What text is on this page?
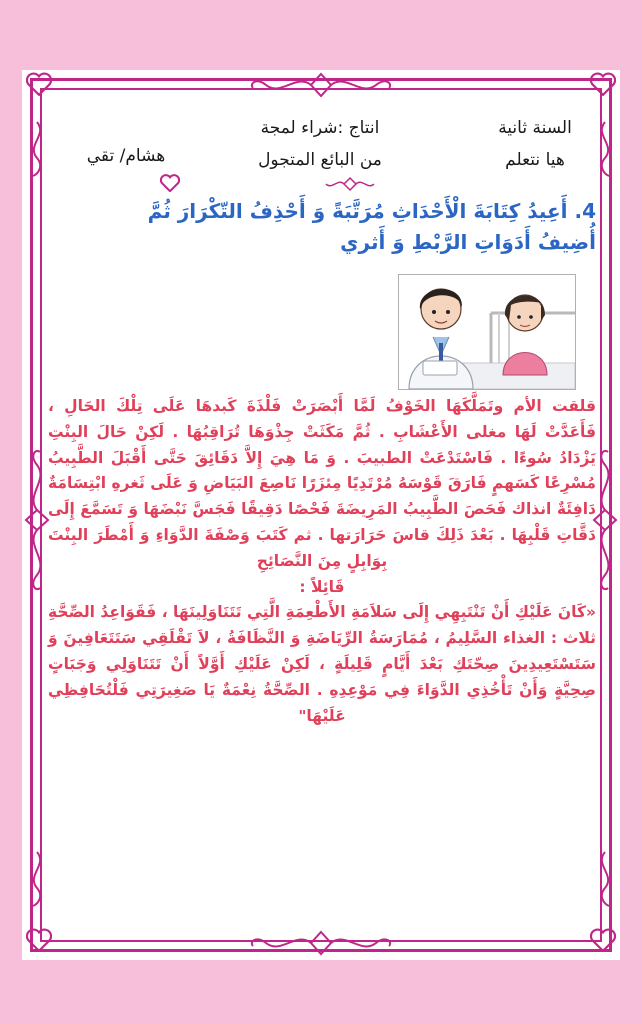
السنة ثانية
هيا نتعلم
انتاج :شراء لمجة
من البائع المتجول
هشام/ تقي
4. أَعِيدُ كِتَابَةَ الْأَحْدَاثِ مُرَتَّبَةً وَ أَحْذِفُ التّكْرَارَ ثُمَّ
أُضِيفُ أَدَوَاتِ الرَّبْطِ وَ أَثري

قلقت الأم وتَمَلَّكَهَا الخَوْفُ لَمَّا أَبْصَرَتْ فَلْذَةَ كَبدهَا عَلَى تِلْكَ الحَالِ ، فَأَعَدَّتْ لَهَا مغلى الأَعْشَابِ . ثُمَّ مَكَثَتْ جِذْوَهَا تُرَاقِبُهَا . لَكِنْ حَالَ البِنْتِ يَزْدَادُ سُوءًا . فَاسْتَدْعَتْ الطبيبَ . وَ مَا هِيَ إِلاَّ دَقَائِقَ حَتَّى أَقْبَلَ الطَّبِيبُ مُسْرِعًا كَسَهمٍ فَارَقَ قَوْسَهُ مُرْتَدِيًا مِئزَرًا نَاصِعَ البَيَاضِ وَ عَلَى ثَغرهِ ابْتِسَامَةٌ دَافِئَةٌ انذاك فَحَصَ الطَّبِيبُ المَرِيضَةَ فَحْصًا دَقِيقًا فَجَسَّ نَبْضَهَا وَ تَسَمَّعَ إِلَى دَقَّاتِ قَلْبِهَا . بَعْدَ ذَلِكَ قاسَ حَرَارَتها . ثم كَتَبَ وَصْفَةَ الدَّوَاءِ وَ أَمْطَرَ البِنْتَ بِوَابِلٍ مِنَ النَّصَائِحِ

قَائِلاً :

«كَانَ عَلَيْكِ أَنْ تَنْتَبِهِي إِلَى سَلاَمَةِ الأَطْعِمَةِ الَّتِي تَتَنَاوَلِينَهَا ، فَقَوَاعِدُ الصِّحَّةِ ثلاث : الغذاء السَّلِيمُ ، مُمَارَسَةُ الرِّيَاضَةِ وَ النَّظَافَةُ ، لاَ تَقْلَقِي سَتَتَعَافِينَ وَ سَتَسْتَعِيدِينَ صِحّتَكِ بَعْدَ أَيَّامٍ قَلِيلَةٍ ، لَكِنْ عَلَيْكِ أَوَّلاً أَنْ تَتَنَاوَلِي وَجَبَاتٍ صِحِيَّةٍ وَأَنْ تَأْخُذِي الدَّوَاءَ فِي مَوْعِدِهِ . الصِّحَّةُ نِعْمَةٌ يَا صَغِيرَتِي فَلْتُحَافِظِي عَلَيْهَا"
